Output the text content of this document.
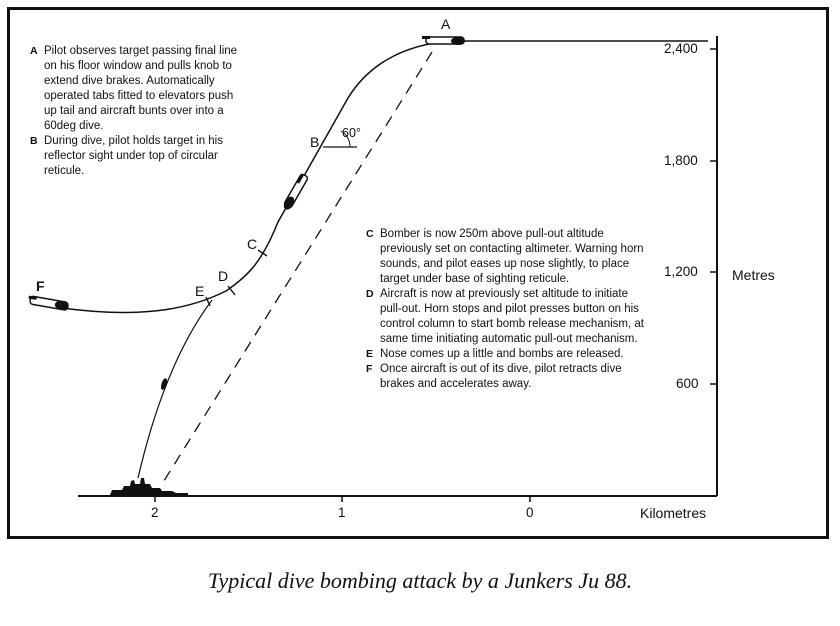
A Pilot observes target passing final line on his floor window and pulls knob to extend dive brakes. Automatically operated tabs fitted to elevators push up tail and aircraft bunts over into a 60deg dive.
B During dive, pilot holds target in his reflector sight under top of circular reticule.
C Bomber is now 250m above pull-out altitude previously set on contacting altimeter. Warning horn sounds, and pilot eases up nose slightly, to place target under base of sighting reticule.
D Aircraft is now at previously set altitude to initiate pull-out. Horn stops and pilot presses button on his control column to start bomb release mechanism, at same time initiating automatic pull-out mechanism.
E Nose comes up a little and bombs are released.
F Once aircraft is out of its dive, pilot retracts dive brakes and accelerates away.
A
B
60°
C
D
E
F
2,400
1,800
1,200
600
Metres
2	1	0	Kilometres
Typical dive bombing attack by a Junkers Ju 88.
